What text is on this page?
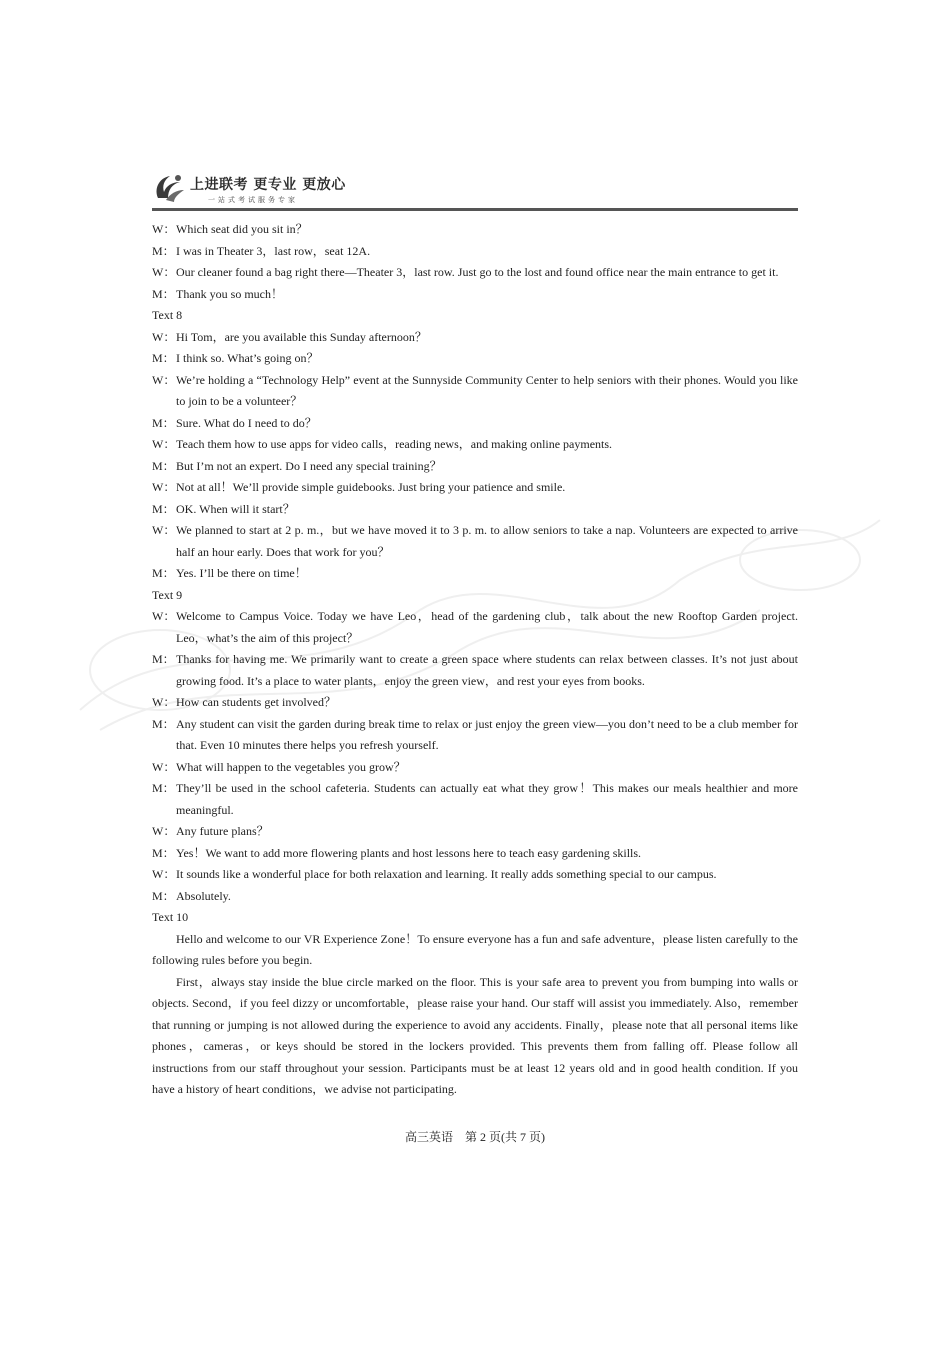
上进联考 更专业 更放心
一站式考试服务专家
W： Which seat did you sit in？
M： I was in Theater 3，last row，seat 12A.
W： Our cleaner found a bag right there—Theater 3，last row. Just go to the lost and found office near the main entrance to get it.
M： Thank you so much！
Text 8
W： Hi Tom，are you available this Sunday afternoon？
M： I think so. What’s going on？
W： We’re holding a “Technology Help” event at the Sunnyside Community Center to help seniors with their phones. Would you like to join to be a volunteer？
M： Sure. What do I need to do？
W： Teach them how to use apps for video calls，reading news，and making online payments.
M： But I’m not an expert. Do I need any special training？
W： Not at all！We’ll provide simple guidebooks. Just bring your patience and smile.
M： OK. When will it start？
W： We planned to start at 2 p. m.，but we have moved it to 3 p. m. to allow seniors to take a nap. Volunteers are expected to arrive half an hour early. Does that work for you？
M： Yes. I’ll be there on time！
Text 9
W： Welcome to Campus Voice. Today we have Leo，head of the gardening club，talk about the new Rooftop Garden project. Leo，what’s the aim of this project？
M： Thanks for having me. We primarily want to create a green space where students can relax between classes. It’s not just about growing food. It’s a place to water plants，enjoy the green view，and rest your eyes from books.
W： How can students get involved？
M： Any student can visit the garden during break time to relax or just enjoy the green view—you don’t need to be a club member for that. Even 10 minutes there helps you refresh yourself.
W： What will happen to the vegetables you grow？
M： They’ll be used in the school cafeteria. Students can actually eat what they grow！This makes our meals healthier and more meaningful.
W： Any future plans？
M： Yes！We want to add more flowering plants and host lessons here to teach easy gardening skills.
W： It sounds like a wonderful place for both relaxation and learning. It really adds something special to our campus.
M： Absolutely.
Text 10
Hello and welcome to our VR Experience Zone！To ensure everyone has a fun and safe adventure，please listen carefully to the following rules before you begin.
First，always stay inside the blue circle marked on the floor. This is your safe area to prevent you from bumping into walls or objects. Second，if you feel dizzy or uncomfortable，please raise your hand. Our staff will assist you immediately. Also，remember that running or jumping is not allowed during the experience to avoid any accidents. Finally，please note that all personal items like phones，cameras，or keys should be stored in the lockers provided. This prevents them from falling off. Please follow all instructions from our staff throughout your session. Participants must be at least 12 years old and in good health condition. If you have a history of heart conditions，we advise not participating.
高三英语　第 2 页(共 7 页)
